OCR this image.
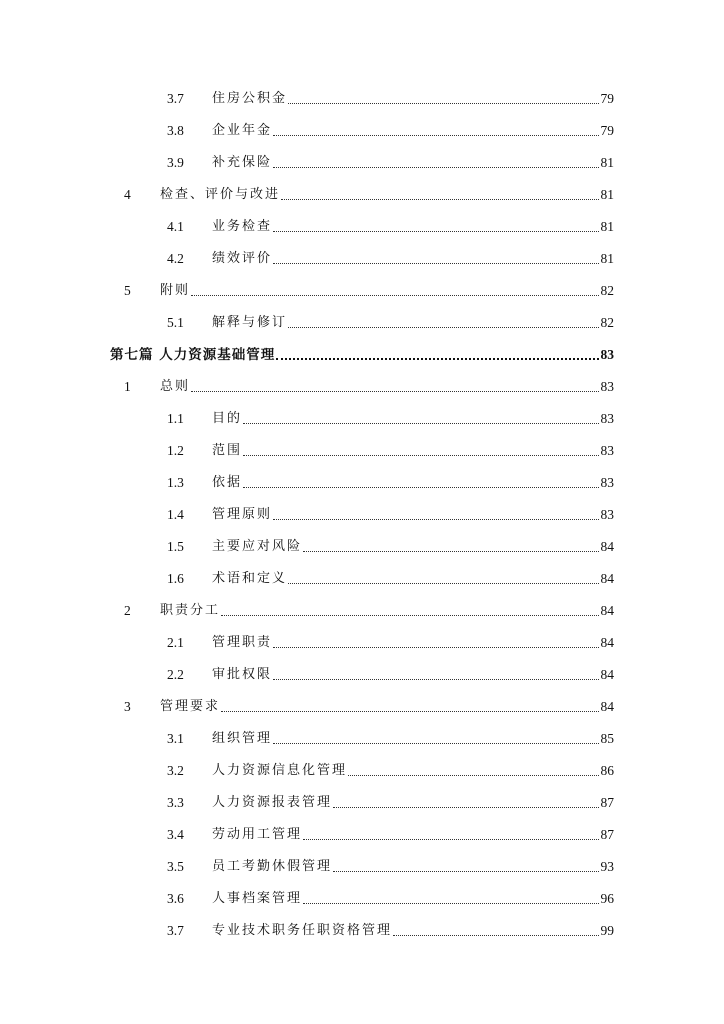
3.7 住房公积金	79
3.8 企业年金	79
3.9 补充保险	81
4 检查、评价与改进	81
4.1 业务检查	81
4.2 绩效评价	81
5 附则	82
5.1 解释与修订	82
第七篇 人力资源基础管理	83
1 总则	83
1.1 目的	83
1.2 范围	83
1.3 依据	83
1.4 管理原则	83
1.5 主要应对风险	84
1.6 术语和定义	84
2 职责分工	84
2.1 管理职责	84
2.2 审批权限	84
3 管理要求	84
3.1 组织管理	85
3.2 人力资源信息化管理	86
3.3 人力资源报表管理	87
3.4 劳动用工管理	87
3.5 员工考勤休假管理	93
3.6 人事档案管理	96
3.7 专业技术职务任职资格管理	99
